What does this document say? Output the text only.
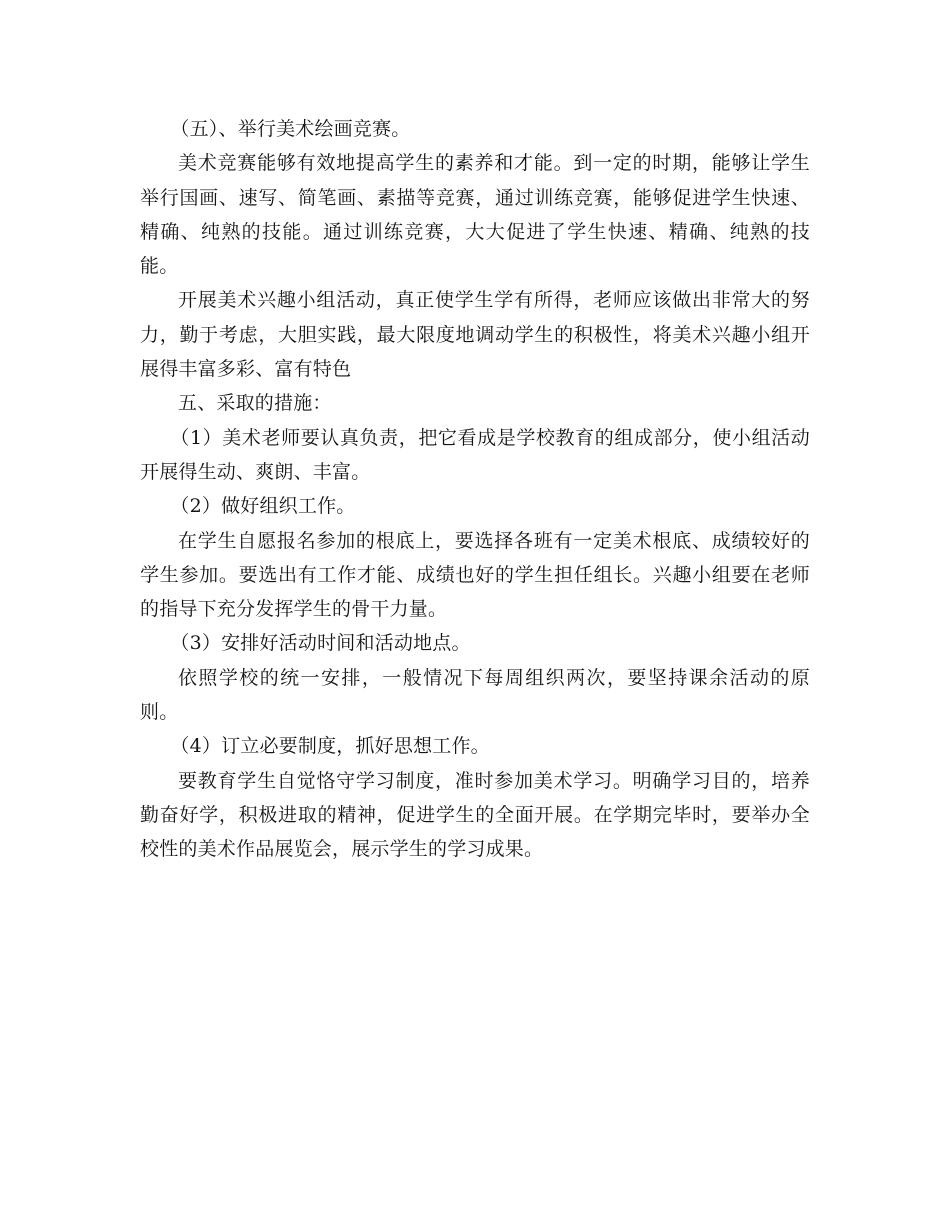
（五）、举行美术绘画竞赛。

美术竞赛能够有效地提高学生的素养和才能。到一定的时期，能够让学生举行国画、速写、简笔画、素描等竞赛，通过训练竞赛，能够促进学生快速、精确、纯熟的技能。通过训练竞赛，大大促进了学生快速、精确、纯熟的技能。

开展美术兴趣小组活动，真正使学生学有所得，老师应该做出非常大的努力，勤于考虑，大胆实践，最大限度地调动学生的积极性，将美术兴趣小组开展得丰富多彩、富有特色

五、采取的措施：

（1）美术老师要认真负责，把它看成是学校教育的组成部分，使小组活动开展得生动、爽朗、丰富。

（2）做好组织工作。

在学生自愿报名参加的根底上，要选择各班有一定美术根底、成绩较好的学生参加。要选出有工作才能、成绩也好的学生担任组长。兴趣小组要在老师的指导下充分发挥学生的骨干力量。

（3）安排好活动时间和活动地点。

依照学校的统一安排，一般情况下每周组织两次，要坚持课余活动的原则。

（4）订立必要制度，抓好思想工作。

要教育学生自觉恪守学习制度，准时参加美术学习。明确学习目的，培养勤奋好学，积极进取的精神，促进学生的全面开展。在学期完毕时，要举办全校性的美术作品展览会，展示学生的学习成果。
